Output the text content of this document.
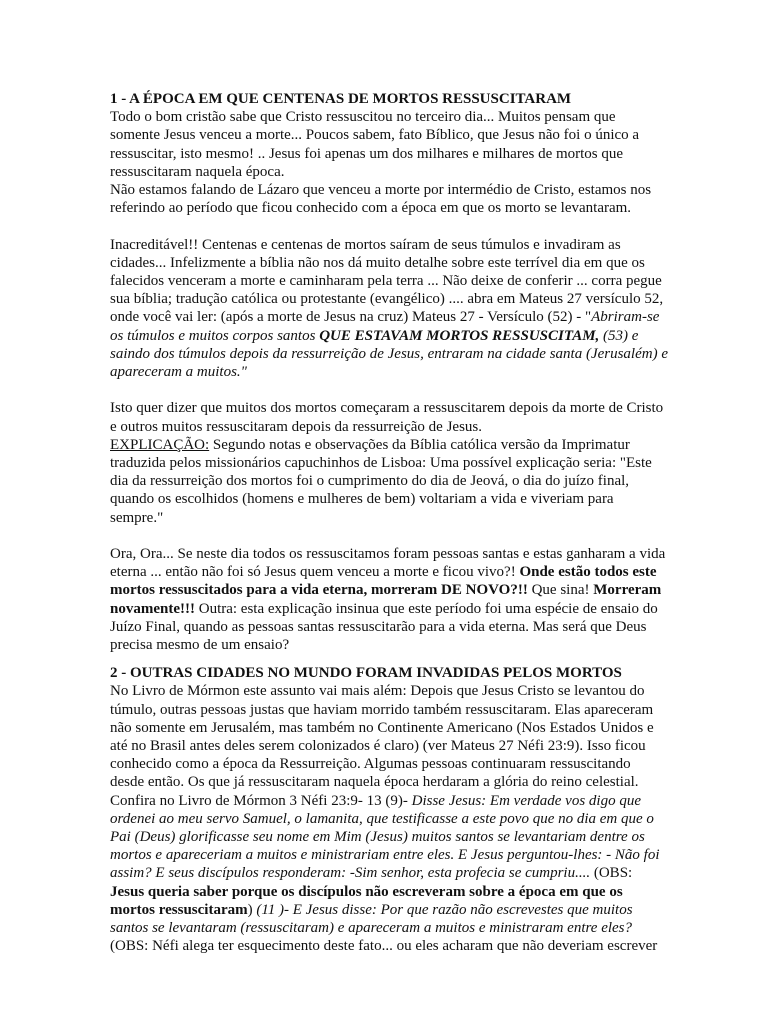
1 - A ÉPOCA EM QUE CENTENAS DE MORTOS RESSUSCITARAM

Todo o bom cristão sabe que Cristo ressuscitou no terceiro dia... Muitos pensam que somente Jesus venceu a morte... Poucos sabem, fato Bíblico, que Jesus não foi o único a ressuscitar, isto mesmo! .. Jesus foi apenas um dos milhares e milhares de mortos que ressuscitaram naquela época.

Não estamos falando de Lázaro que venceu a morte por intermédio de Cristo, estamos nos referindo ao período que ficou conhecido com a época em que os morto se levantaram.

Inacreditável!! Centenas e centenas de mortos saíram de seus túmulos e invadiram as cidades... Infelizmente a bíblia não nos dá muito detalhe sobre este terrível dia em que os falecidos venceram a morte e caminharam pela terra ... Não deixe de conferir ... corra pegue sua bíblia; tradução católica ou protestante (evangélico) .... abra em Mateus 27 versículo 52, onde você vai ler: (após a morte de Jesus na cruz) Mateus 27 - Versículo (52) - "Abriram-se os túmulos e muitos corpos santos QUE ESTAVAM MORTOS RESSUSCITAM, (53) e saindo dos túmulos depois da ressurreição de Jesus, entraram na cidade santa (Jerusalém) e apareceram a muitos."

Isto quer dizer que muitos dos mortos começaram a ressuscitarem depois da morte de Cristo e outros muitos ressuscitaram depois da ressurreição de Jesus.

EXPLICAÇÃO: Segundo notas e observações da Bíblia católica versão da Imprimatur traduzida pelos missionários capuchinhos de Lisboa: Uma possível explicação seria: "Este dia da ressurreição dos mortos foi o cumprimento do dia de Jeová, o dia do juízo final, quando os escolhidos (homens e mulheres de bem) voltariam a vida e viveriam para sempre."

Ora, Ora... Se neste dia todos os ressuscitamos foram pessoas santas e estas ganharam a vida eterna ... então não foi só Jesus quem venceu a morte e ficou vivo?! Onde estão todos este mortos ressuscitados para a vida eterna, morreram DE NOVO?!! Que sina! Morreram novamente!!! Outra: esta explicação insinua que este período foi uma espécie de ensaio do Juízo Final, quando as pessoas santas ressuscitarão para a vida eterna. Mas será que Deus precisa mesmo de um ensaio?

2 - OUTRAS CIDADES NO MUNDO FORAM INVADIDAS PELOS MORTOS

No Livro de Mórmon este assunto vai mais além: Depois que Jesus Cristo se levantou do túmulo, outras pessoas justas que haviam morrido também ressuscitaram. Elas apareceram não somente em Jerusalém, mas também no Continente Americano (Nos Estados Unidos e até no Brasil antes deles serem colonizados é claro) (ver Mateus 27 Néfi 23:9). Isso ficou conhecido como a época da Ressurreição. Algumas pessoas continuaram ressuscitando desde então. Os que já ressuscitaram naquela época herdaram a glória do reino celestial. Confira no Livro de Mórmon 3 Néfi 23:9- 13 (9)- Disse Jesus: Em verdade vos digo que ordenei ao meu servo Samuel, o lamanita, que testificasse a este povo que no dia em que o Pai (Deus) glorificasse seu nome em Mim (Jesus) muitos santos se levantariam dentre os mortos e apareceriam a muitos e ministrariam entre eles. E Jesus perguntou-lhes: - Não foi assim? E seus discípulos responderam: -Sim senhor, esta profecia se cumpriu.... (OBS: Jesus queria saber porque os discípulos não escreveram sobre a época em que os mortos ressuscitaram) (11 )- E Jesus disse: Por que razão não escrevestes que muitos santos se levantaram (ressuscitaram) e apareceram a muitos e ministraram entre eles? (OBS: Néfi alega ter esquecimento deste fato... ou eles acharam que não deveriam escrever
